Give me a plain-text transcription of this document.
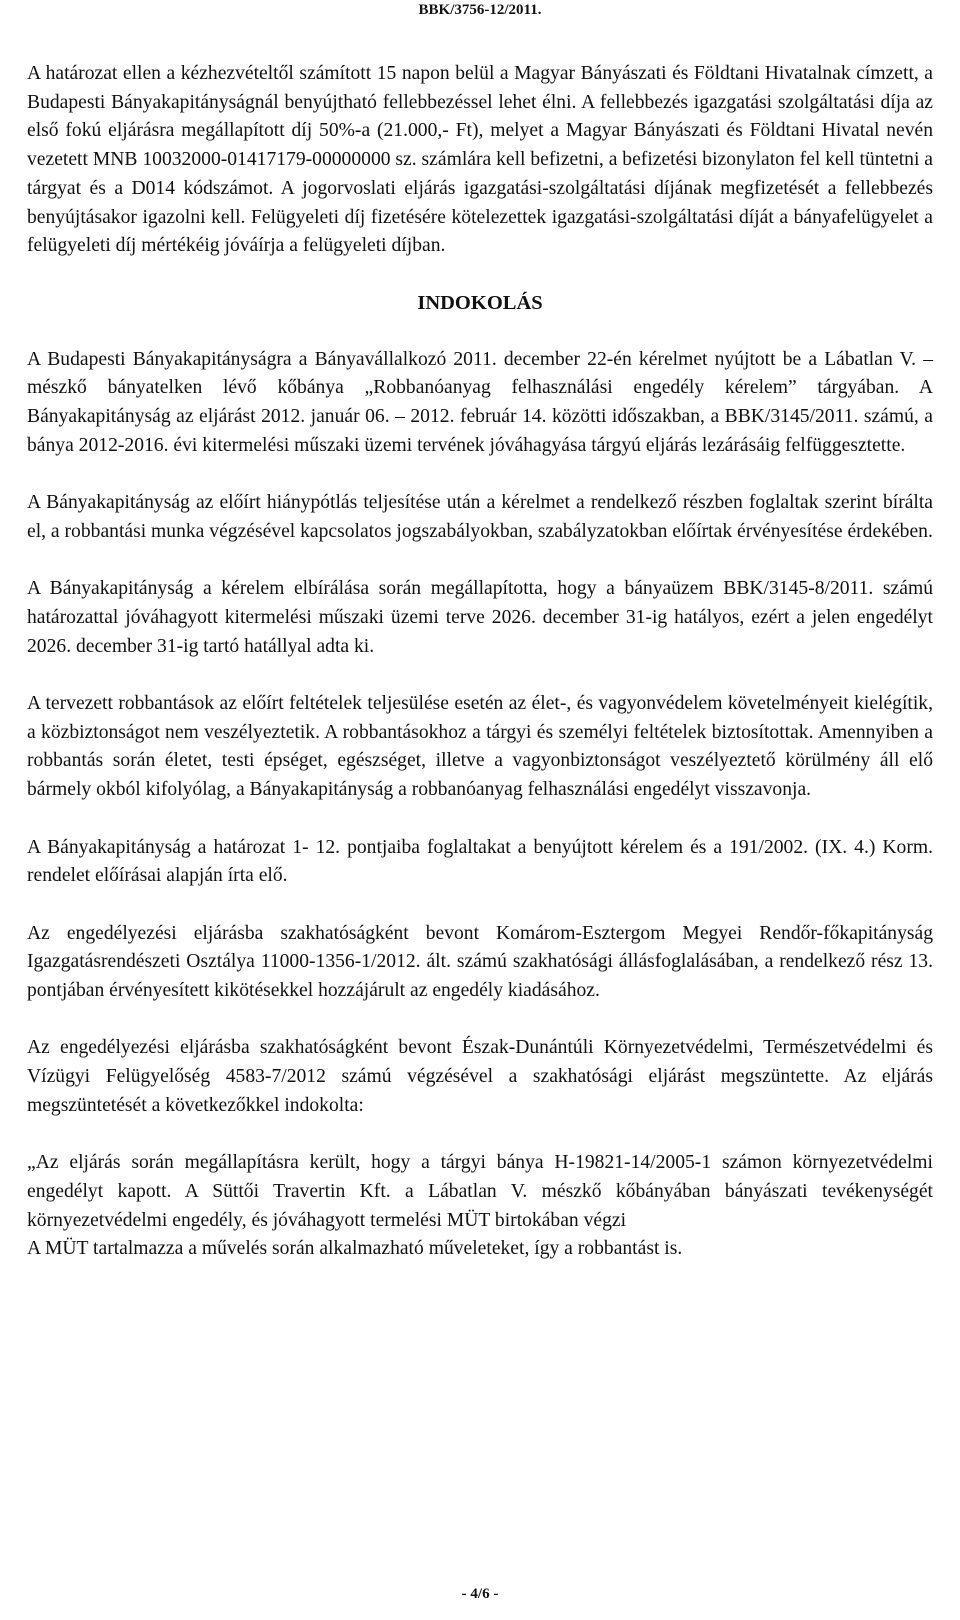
BBK/3756-12/2011.

A határozat ellen a kézhezvételtől számított 15 napon belül a Magyar Bányászati és Földtani Hivatalnak címzett, a Budapesti Bányakapitányságnál benyújtható fellebbezéssel lehet élni. A fellebbezés igazgatási szolgáltatási díja az első fokú eljárásra megállapított díj 50%-a (21.000,- Ft), melyet a Magyar Bányászati és Földtani Hivatal nevén vezetett MNB 10032000-01417179-00000000 sz. számlára kell befizetni, a befizetési bizonylaton fel kell tüntetni a tárgyat és a D014 kódszámot. A jogorvoslati eljárás igazgatási-szolgáltatási díjának megfizetését a fellebbezés benyújtásakor igazolni kell. Felügyeleti díj fizetésére kötelezettek igazgatási-szolgáltatási díját a bányafelügyelet a felügyeleti díj mértékéig jóváírja a felügyeleti díjban.

INDOKOLÁS

A Budapesti Bányakapitányságra a Bányavállalkozó 2011. december 22-én kérelmet nyújtott be a Lábatlan V. – mészkő bányatelken lévő kőbánya „Robbanóanyag felhasználási engedély kérelem” tárgyában. A Bányakapitányság az eljárást 2012. január 06. – 2012. február 14. közötti időszakban, a BBK/3145/2011. számú, a bánya 2012-2016. évi kitermelési műszaki üzemi tervének jóváhagyása tárgyú eljárás lezárásáig felfüggesztette.

A Bányakapitányság az előírt hiánypótlás teljesítése után a kérelmet a rendelkező részben foglaltak szerint bírálta el, a robbantási munka végzésével kapcsolatos jogszabályokban, szabályzatokban előírtak érvényesítése érdekében.

A Bányakapitányság a kérelem elbírálása során megállapította, hogy a bányaüzem BBK/3145-8/2011. számú határozattal jóváhagyott kitermelési műszaki üzemi terve 2026. december 31-ig hatályos, ezért a jelen engedélyt 2026. december 31-ig tartó hatállyal adta ki.

A tervezett robbantások az előírt feltételek teljesülése esetén az élet-, és vagyonvédelem követelményeit kielégítik, a közbiztonságot nem veszélyeztetik. A robbantásokhoz a tárgyi és személyi feltételek biztosítottak. Amennyiben a robbantás során életet, testi épséget, egészséget, illetve a vagyonbiztonságot veszélyeztető körülmény áll elő bármely okból kifolyólag, a Bányakapitányság a robbanóanyag felhasználási engedélyt visszavonja.

A Bányakapitányság a határozat 1- 12. pontjaiba foglaltakat a benyújtott kérelem és a 191/2002. (IX. 4.) Korm. rendelet előírásai alapján írta elő.

Az engedélyezési eljárásba szakhatóságként bevont Komárom-Esztergom Megyei Rendőr-főkapitányság Igazgatásrendészeti Osztálya 11000-1356-1/2012. ált. számú szakhatósági állásfoglalásában, a rendelkező rész 13. pontjában érvényesített kikötésekkel hozzájárult az engedély kiadásához.

Az engedélyezési eljárásba szakhatóságként bevont Észak-Dunántúli Környezetvédelmi, Természetvédelmi és Vízügyi Felügyelőség 4583-7/2012 számú végzésével a szakhatósági eljárást megszüntette. Az eljárás megszüntetését a következőkkel indokolta:

„Az eljárás során megállapításra került, hogy a tárgyi bánya H-19821-14/2005-1 számon környezetvédelmi engedélyt kapott. A Süttői Travertin Kft. a Lábatlan V. mészkő kőbányában bányászati tevékenységét környezetvédelmi engedély, és jóváhagyott termelési MÜT birtokában végzi

A MÜT tartalmazza a művelés során alkalmazható műveleteket, így a robbantást is.

- 4/6 -
